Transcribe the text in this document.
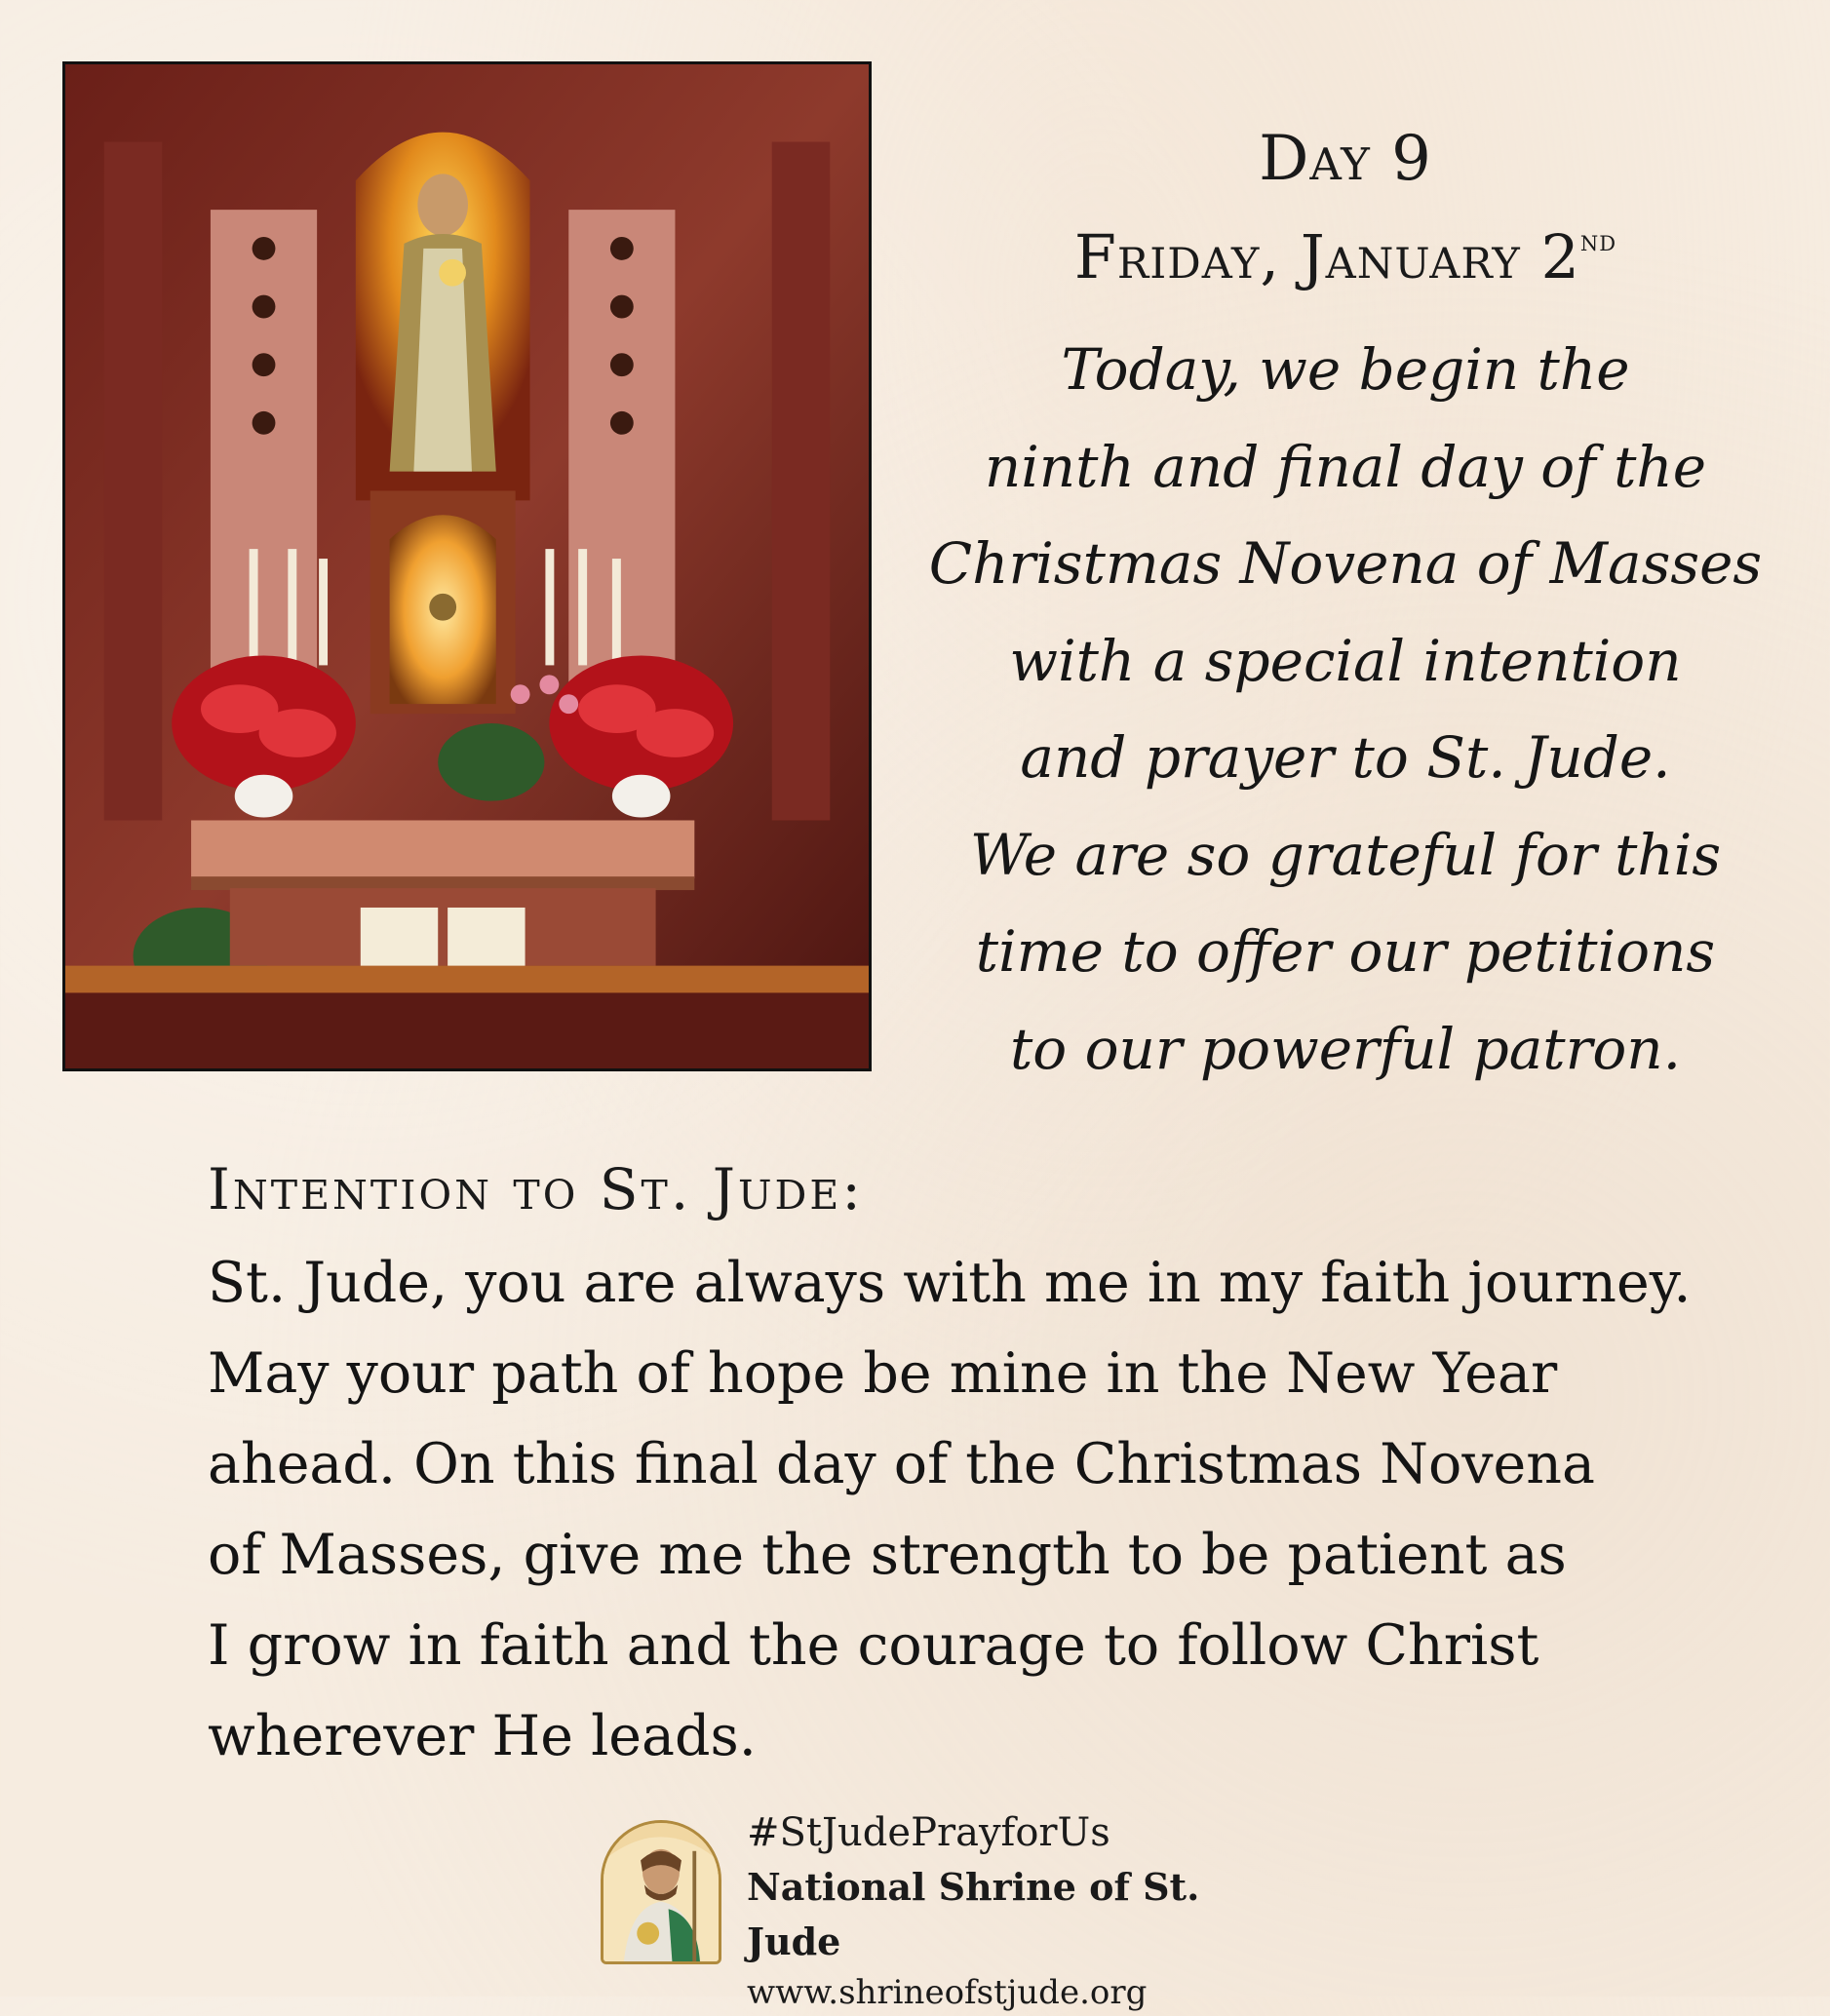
Day 9
Friday, January 2nd
Today, we begin the
ninth and final day of the
Christmas Novena of Masses
with a special intention
and prayer to St. Jude.
We are so grateful for this
time to offer our petitions
to our powerful patron.
Intention to St. Jude:
St. Jude, you are always with me in my faith journey.
May your path of hope be mine in the New Year
ahead. On this final day of the Christmas Novena
of Masses, give me the strength to be patient as
I grow in faith and the courage to follow Christ
wherever He leads.
#StJudePrayforUs
National Shrine of St. Jude
www.shrineofstjude.org
